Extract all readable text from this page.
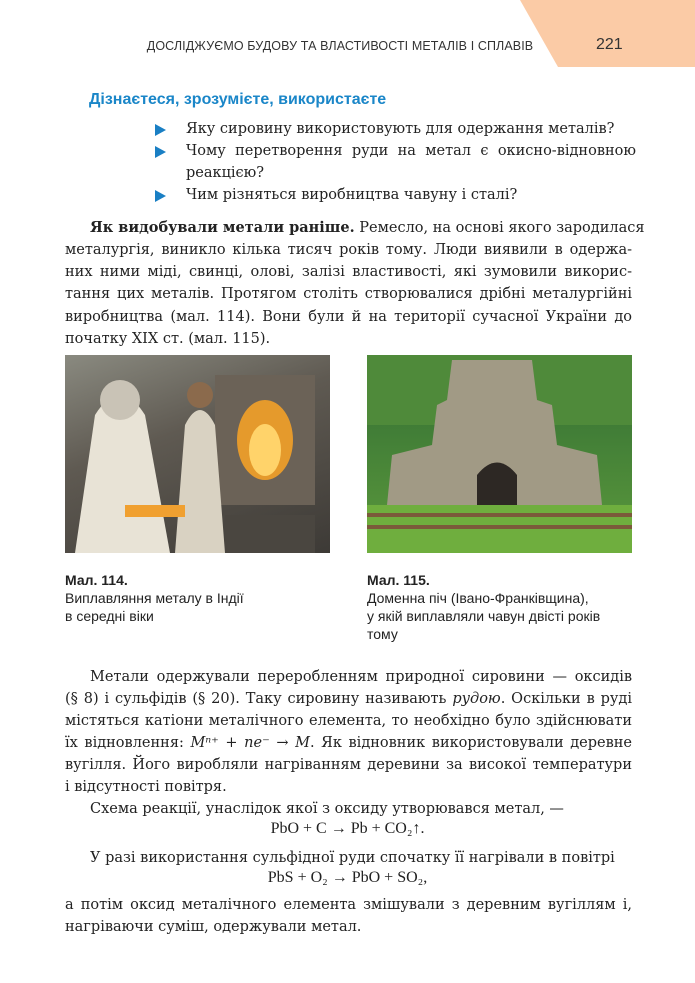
ДОСЛІДЖУЄМО БУДОВУ ТА ВЛАСТИВОСТІ МЕТАЛІВ І СПЛАВІВ	221
Дізнаєтеся, зрозумієте, використаєте
Яку сировину використовують для одержання металів?
Чому перетворення руди на метал є окисно-відновною
реакцією?
Чим різняться виробництва чавуну і сталі?
Як видобували метали раніше. Ремесло, на основі якого зародилася
металургія, виникло кілька тисяч років тому. Люди виявили в одержа-
них ними міді, свинці, олові, залізі властивості, які зумовили викорис-
тання цих металів. Протягом століть створювалися дрібні металургійні
виробництва (мал. 114). Вони були й на території сучасної України до
початку XIX ст. (мал. 115).
Мал. 114.
Виплавляння металу в Індії
в середні віки
Мал. 115.
Доменна піч (Івано-Франківщина),
у якій виплавляли чавун двісті років
тому
Метали одержували переробленням природної сировини — оксидів
(§ 8) і сульфідів (§ 20). Таку сировину називають рудою. Оскільки в руді
містяться катіони металічного елемента, то необхідно було здійснювати
їх відновлення: Mⁿ⁺ + ne⁻ → M. Як відновник використовували деревне
вугілля. Його виробляли нагріванням деревини за високої температури
і відсутності повітря.
Схема реакції, унаслідок якої з оксиду утворювався метал, —
PbO + C → Pb + CO₂↑.
У разі використання сульфідної руди спочатку її нагрівали в повітрі
PbS + O₂ → PbO + SO₂,
а потім оксид металічного елемента змішували з деревним вугіллям і,
нагріваючи суміш, одержували метал.
